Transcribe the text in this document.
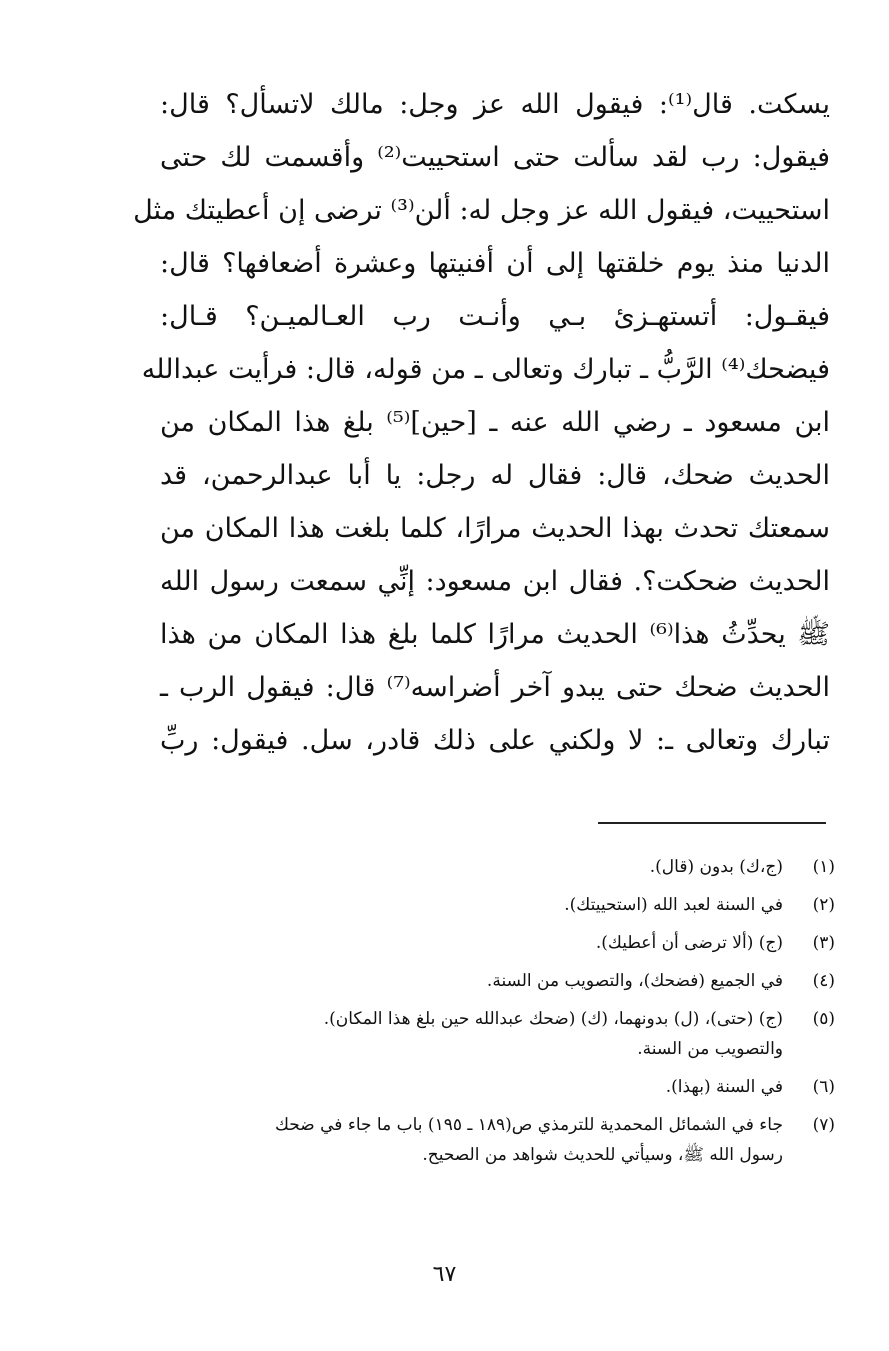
يسكت. قال⁽¹⁾: فيقول الله عز وجل: مالك لاتسأل؟ قال:
فيقول: رب لقد سألت حتى استحييت⁽²⁾ وأقسمت لك حتى
استحييت، فيقول الله عز وجل له: ألن⁽³⁾ ترضى إن أعطيتك مثل
الدنيا منذ يوم خلقتها إلى أن أفنيتها وعشرة أضعافها؟ قال:
فيقـول: أتستهـزئ بـي وأنـت رب العـالميـن؟ قـال:
فيضحك⁽⁴⁾ الرَّبُّ ـ تبارك وتعالى ـ من قوله، قال: فرأيت عبدالله
ابن مسعود ـ رضي الله عنه ـ [حين]⁽⁵⁾ بلغ هذا المكان من
الحديث ضحك، قال: فقال له رجل: يا أبا عبدالرحمن، قد
سمعتك تحدث بهذا الحديث مرارًا، كلما بلغت هذا المكان من
الحديث ضحكت؟. فقال ابن مسعود: إنِّي سمعت رسول الله
ﷺ يحدِّثُ هذا⁽⁶⁾ الحديث مرارًا كلما بلغ هذا المكان من هذا
الحديث ضحك حتى يبدو آخر أضراسه⁽⁷⁾ قال: فيقول الرب ـ
تبارك وتعالى ـ: لا ولكني على ذلك قادر، سل. فيقول: ربِّ
(١)
(ج،ك) بدون (قال).
(٢)
في السنة لعبد الله (استحييتك).
(٣)
(ج) (ألا ترضى أن أعطيك).
(٤)
في الجميع (فضحك)، والتصويب من السنة.
(٥)
(ج) (حتى)، (ل) بدونهما، (ك) (ضحك عبدالله حين بلغ هذا المكان).
والتصويب من السنة.
(٦)
في السنة (بهذا).
(٧)
جاء في الشمائل المحمدية للترمذي ص(١٨٩ ـ ١٩٥) باب ما جاء في ضحك
رسول الله ﷺ، وسيأتي للحديث شواهد من الصحيح.
٦٧
